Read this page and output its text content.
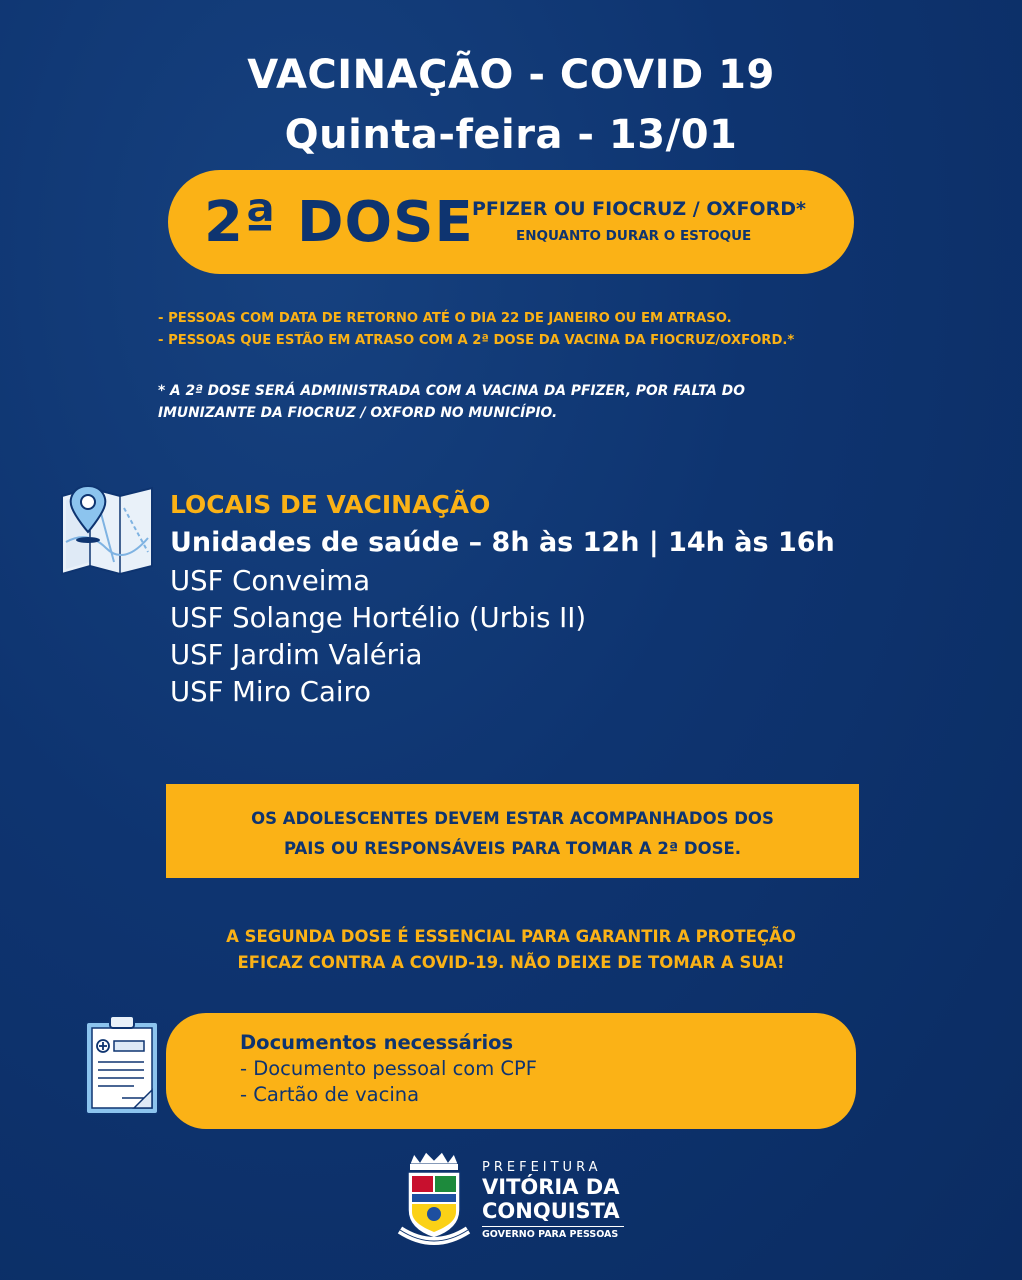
VACINAÇÃO - COVID 19
Quinta-feira - 13/01
2ª DOSE
PFIZER OU FIOCRUZ / OXFORD*
ENQUANTO DURAR O ESTOQUE
- PESSOAS COM DATA DE RETORNO ATÉ O DIA 22 DE JANEIRO OU EM ATRASO.
- PESSOAS QUE ESTÃO EM ATRASO COM A 2ª DOSE DA VACINA DA FIOCRUZ/OXFORD.*
* A 2ª DOSE SERÁ ADMINISTRADA COM A VACINA DA PFIZER, POR FALTA DO
IMUNIZANTE DA FIOCRUZ / OXFORD NO MUNICÍPIO.
LOCAIS DE VACINAÇÃO
Unidades de saúde – 8h às 12h | 14h às 16h
USF Conveima
USF Solange Hortélio (Urbis II)
USF Jardim Valéria
USF Miro Cairo
OS ADOLESCENTES DEVEM ESTAR ACOMPANHADOS DOS
PAIS OU RESPONSÁVEIS PARA TOMAR A 2ª DOSE.
A SEGUNDA DOSE É ESSENCIAL PARA GARANTIR A PROTEÇÃO
EFICAZ CONTRA A COVID-19. NÃO DEIXE DE TOMAR A SUA!
Documentos necessários
- Documento pessoal com CPF
- Cartão de vacina
PREFEITURA
VITÓRIA DA
CONQUISTA
GOVERNO PARA PESSOAS
